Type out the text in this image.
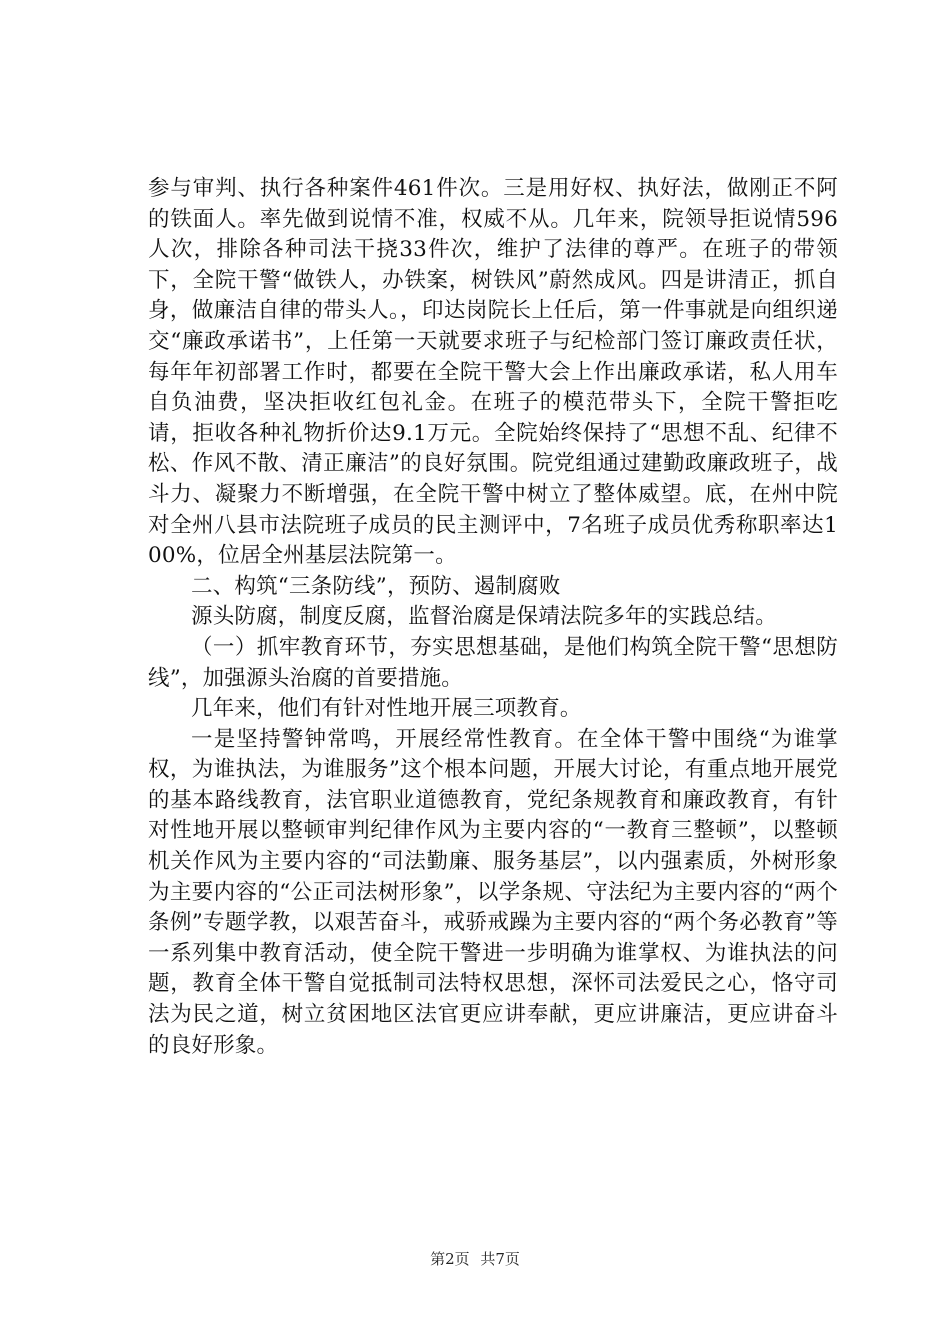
参与审判、执行各种案件461件次。三是用好权、执好法，做刚正不阿的铁面人。率先做到说情不准，权威不从。几年来，院领导拒说情596人次，排除各种司法干挠33件次，维护了法律的尊严。在班子的带领下，全院干警“做铁人，办铁案，树铁风”蔚然成风。四是讲清正，抓自身，做廉洁自律的带头人。，印达岗院长上任后，第一件事就是向组织递交“廉政承诺书”，上任第一天就要求班子与纪检部门签订廉政责任状，每年年初部署工作时，都要在全院干警大会上作出廉政承诺，私人用车自负油费，坚决拒收红包礼金。在班子的模范带头下，全院干警拒吃请，拒收各种礼物折价达9.1万元。全院始终保持了“思想不乱、纪律不松、作风不散、清正廉洁”的良好氛围。院党组通过建勤政廉政班子，战斗力、凝聚力不断增强，在全院干警中树立了整体威望。底，在州中院对全州八县市法院班子成员的民主测评中，7名班子成员优秀称职率达100%，位居全州基层法院第一。

二、构筑“三条防线”，预防、遏制腐败

源头防腐，制度反腐，监督治腐是保靖法院多年的实践总结。

（一）抓牢教育环节，夯实思想基础，是他们构筑全院干警“思想防线”，加强源头治腐的首要措施。

几年来，他们有针对性地开展三项教育。

一是坚持警钟常鸣，开展经常性教育。在全体干警中围绕“为谁掌权，为谁执法，为谁服务”这个根本问题，开展大讨论，有重点地开展党的基本路线教育，法官职业道德教育，党纪条规教育和廉政教育，有针对性地开展以整顿审判纪律作风为主要内容的“一教育三整顿”，以整顿机关作风为主要内容的“司法勤廉、服务基层”，以内强素质，外树形象为主要内容的“公正司法树形象”，以学条规、守法纪为主要内容的“两个条例”专题学教，以艰苦奋斗，戒骄戒躁为主要内容的“两个务必教育”等一系列集中教育活动，使全院干警进一步明确为谁掌权、为谁执法的问题，教育全体干警自觉抵制司法特权思想，深怀司法爱民之心，恪守司法为民之道，树立贫困地区法官更应讲奉献，更应讲廉洁，更应讲奋斗的良好形象。

第2页 共7页
